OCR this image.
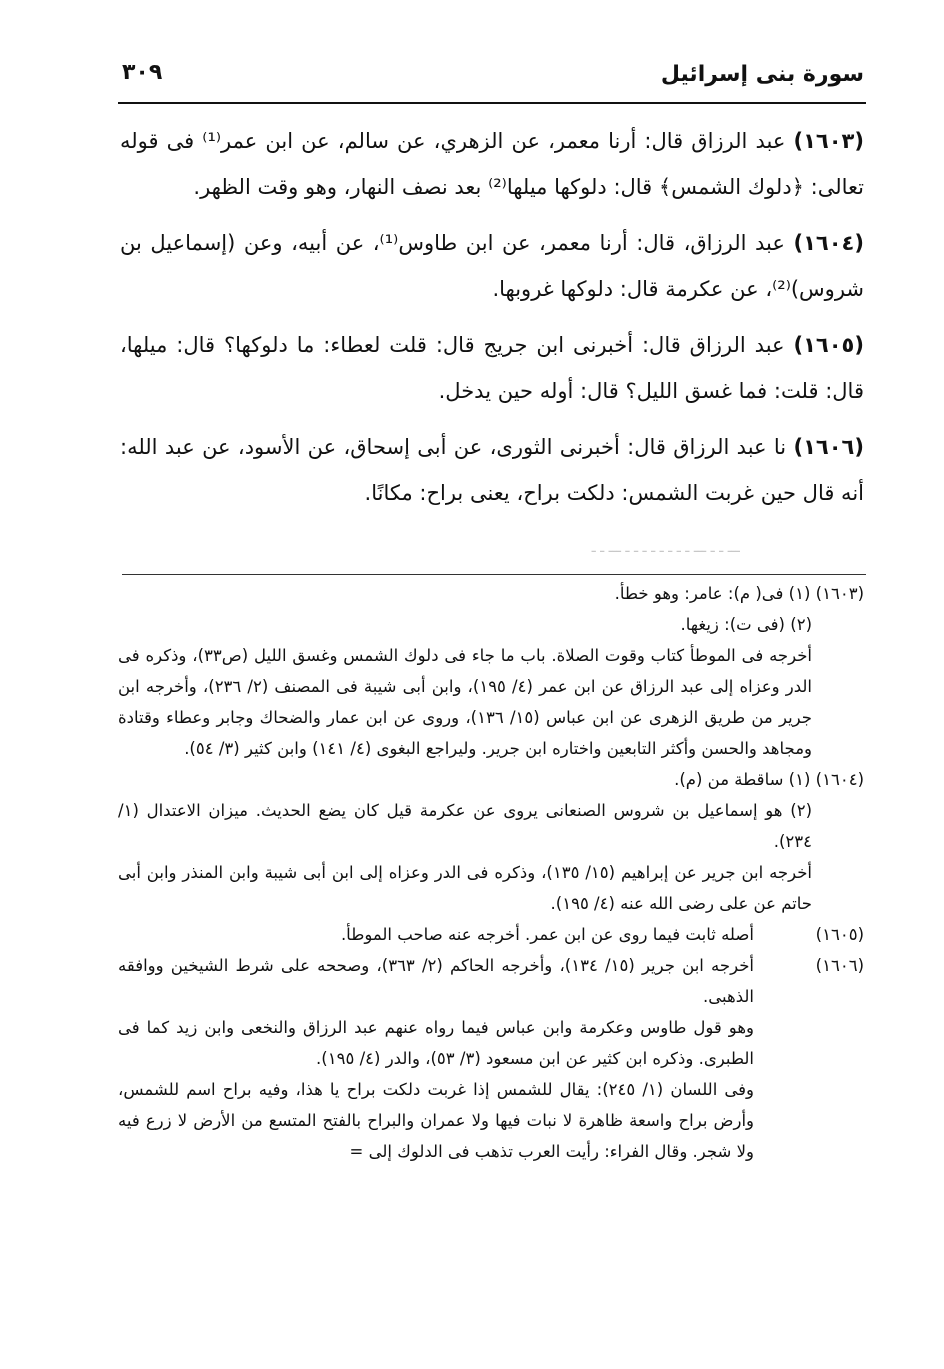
سورة بنى إسرائيل
٣٠٩

(١٦٠٣) عبد الرزاق قال: أرنا معمر، عن الزهري، عن سالم، عن ابن عمر⁽¹⁾ فى قوله تعالى: ﴿دلوك الشمس﴾ قال: دلوكها ميلها⁽²⁾ بعد نصف النهار، وهو وقت الظهر.

(١٦٠٤) عبد الرزاق، قال: أرنا معمر، عن ابن طاوس⁽¹⁾، عن أبيه، وعن (إسماعيل بن شروس)⁽²⁾، عن عكرمة قال: دلوكها غروبها.

(١٦٠٥) عبد الرزاق قال: أخبرنى ابن جريج قال: قلت لعطاء: ما دلوكها؟ قال: ميلها، قال: قلت: فما غسق الليل؟ قال: أوله حين يدخل.

(١٦٠٦) نا عبد الرزاق قال: أخبرنى الثورى، عن أبى إسحاق، عن الأسود، عن عبد الله: أنه قال حين غربت الشمس: دلكت براح، يعنى براح: مكانًا.

ـــ ـ ـ ـــ ـ ـ ـ ـ ـ ـ ـ ـ ـــ ـ ـ

(١٦٠٣) (١) فى( م): عامر: وهو خطأ.

(٢) (فى ت): زيغها.

أخرجه فى الموطأ كتاب وقوت الصلاة. باب ما جاء فى دلوك الشمس وغسق الليل (ص٣٣)، وذكره فى الدر وعزاه إلى عبد الرزاق عن ابن عمر (٤/ ١٩٥)، وابن أبى شيبة فى المصنف (٢/ ٢٣٦)، وأخرجه ابن جرير من طريق الزهرى عن ابن عباس (١٥/ ١٣٦)، وروى عن ابن عمار والضحاك وجابر وعطاء وقتادة ومجاهد والحسن وأكثر التابعين واختاره ابن جرير. وليراجع البغوى (٤/ ١٤١) وابن كثير (٣/ ٥٤).

(١٦٠٤) (١) ساقطة من (م).

(٢) هو إسماعيل بن شروس الصنعانى يروى عن عكرمة قيل كان يضع الحديث. ميزان الاعتدال (١/ ٢٣٤).

أخرجه ابن جرير عن إبراهيم (١٥/ ١٣٥)، وذكره فى الدر وعزاه إلى ابن أبى شيبة وابن المنذر وابن أبى حاتم عن على رضى الله عنه (٤/ ١٩٥).

(١٦٠٥)
أصله ثابت فيما روى عن ابن عمر. أخرجه عنه صاحب الموطأ.

(١٦٠٦)
أخرجه ابن جرير (١٥/ ١٣٤)، وأخرجه الحاكم (٢/ ٣٦٣)، وصححه على شرط الشيخين ووافقه الذهبى.

وهو قول طاوس وعكرمة وابن عباس فيما رواه عنهم عبد الرزاق والنخعى وابن زيد كما فى الطبرى. وذكره ابن كثير عن ابن مسعود (٣/ ٥٣)، والدر (٤/ ١٩٥).

وفى اللسان (١/ ٢٤٥): يقال للشمس إذا غربت دلكت براح يا هذا، وفيه براح اسم للشمس، وأرض براح واسعة ظاهرة لا نبات فيها ولا عمران والبراح بالفتح المتسع من الأرض لا زرع فيه ولا شجر. وقال الفراء: رأيت العرب تذهب فى الدلوك إلى =
